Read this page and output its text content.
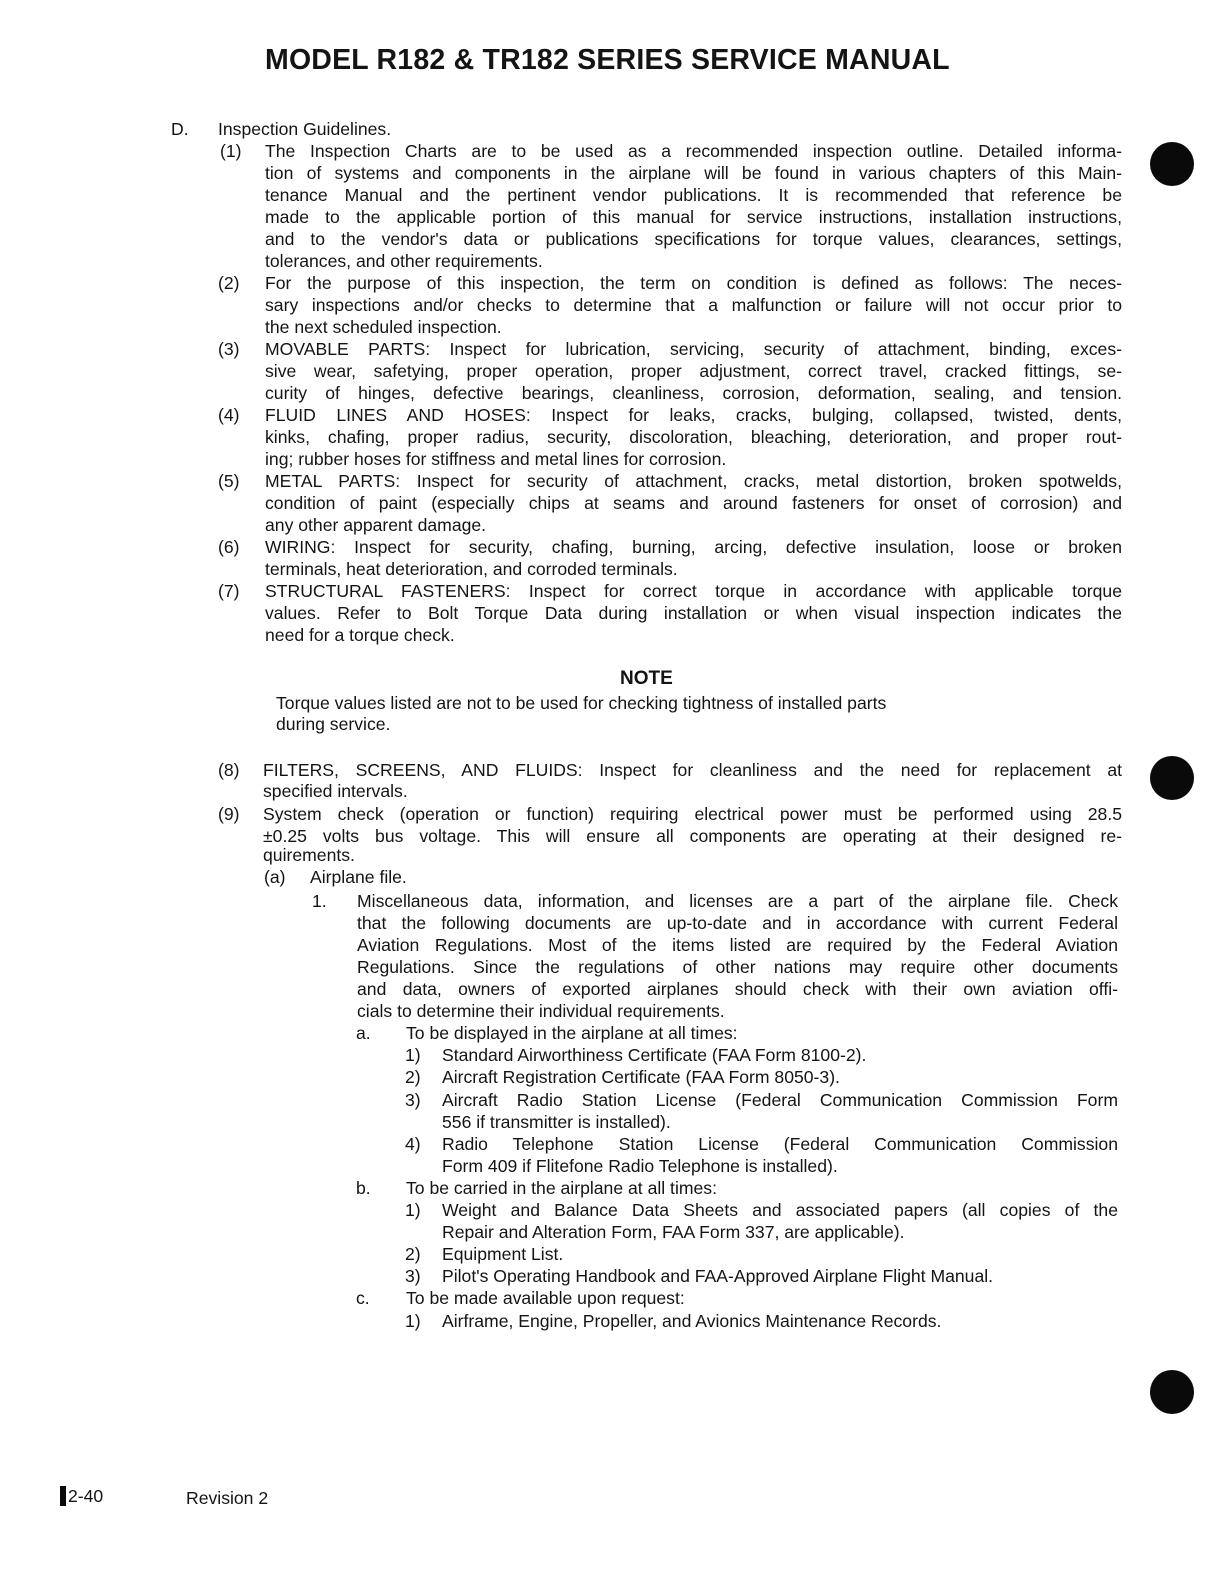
MODEL R182 & TR182 SERIES SERVICE MANUAL
D. Inspection Guidelines.
(1) The Inspection Charts are to be used as a recommended inspection outline. Detailed informa-
tion of systems and components in the airplane will be found in various chapters of this Main-
tenance Manual and the pertinent vendor publications. It is recommended that reference be
made to the applicable portion of this manual for service instructions, installation instructions,
and to the vendor's data or publications specifications for torque values, clearances, settings,
tolerances, and other requirements.
(2) For the purpose of this inspection, the term on condition is defined as follows: The neces-
sary inspections and/or checks to determine that a malfunction or failure will not occur prior to
the next scheduled inspection.
(3) MOVABLE PARTS: Inspect for lubrication, servicing, security of attachment, binding, exces-
sive wear, safetying, proper operation, proper adjustment, correct travel, cracked fittings, se-
curity of hinges, defective bearings, cleanliness, corrosion, deformation, sealing, and tension.
(4) FLUID LINES AND HOSES: Inspect for leaks, cracks, bulging, collapsed, twisted, dents,
kinks, chafing, proper radius, security, discoloration, bleaching, deterioration, and proper rout-
ing; rubber hoses for stiffness and metal lines for corrosion.
(5) METAL PARTS: Inspect for security of attachment, cracks, metal distortion, broken spotwelds,
condition of paint (especially chips at seams and around fasteners for onset of corrosion) and
any other apparent damage.
(6) WIRING: Inspect for security, chafing, burning, arcing, defective insulation, loose or broken
terminals, heat deterioration, and corroded terminals.
(7) STRUCTURAL FASTENERS: Inspect for correct torque in accordance with applicable torque
values. Refer to Bolt Torque Data during installation or when visual inspection indicates the
need for a torque check.
NOTE
Torque values listed are not to be used for checking tightness of installed parts
during service.
(8) FILTERS, SCREENS, AND FLUIDS: Inspect for cleanliness and the need for replacement at
specified intervals.
(9) System check (operation or function) requiring electrical power must be performed using 28.5
±0.25 volts bus voltage. This will ensure all components are operating at their designed re-
quirements.
(a) Airplane file.
1. Miscellaneous data, information, and licenses are a part of the airplane file. Check
that the following documents are up-to-date and in accordance with current Federal
Aviation Regulations. Most of the items listed are required by the Federal Aviation
Regulations. Since the regulations of other nations may require other documents
and data, owners of exported airplanes should check with their own aviation offi-
cials to determine their individual requirements.
a. To be displayed in the airplane at all times:
1) Standard Airworthiness Certificate (FAA Form 8100-2).
2) Aircraft Registration Certificate (FAA Form 8050-3).
3) Aircraft Radio Station License (Federal Communication Commission Form
556 if transmitter is installed).
4) Radio Telephone Station License (Federal Communication Commission
Form 409 if Flitefone Radio Telephone is installed).
b. To be carried in the airplane at all times:
1) Weight and Balance Data Sheets and associated papers (all copies of the
Repair and Alteration Form, FAA Form 337, are applicable).
2) Equipment List.
3) Pilot's Operating Handbook and FAA-Approved Airplane Flight Manual.
c. To be made available upon request:
1) Airframe, Engine, Propeller, and Avionics Maintenance Records.
2-40	Revision 2
